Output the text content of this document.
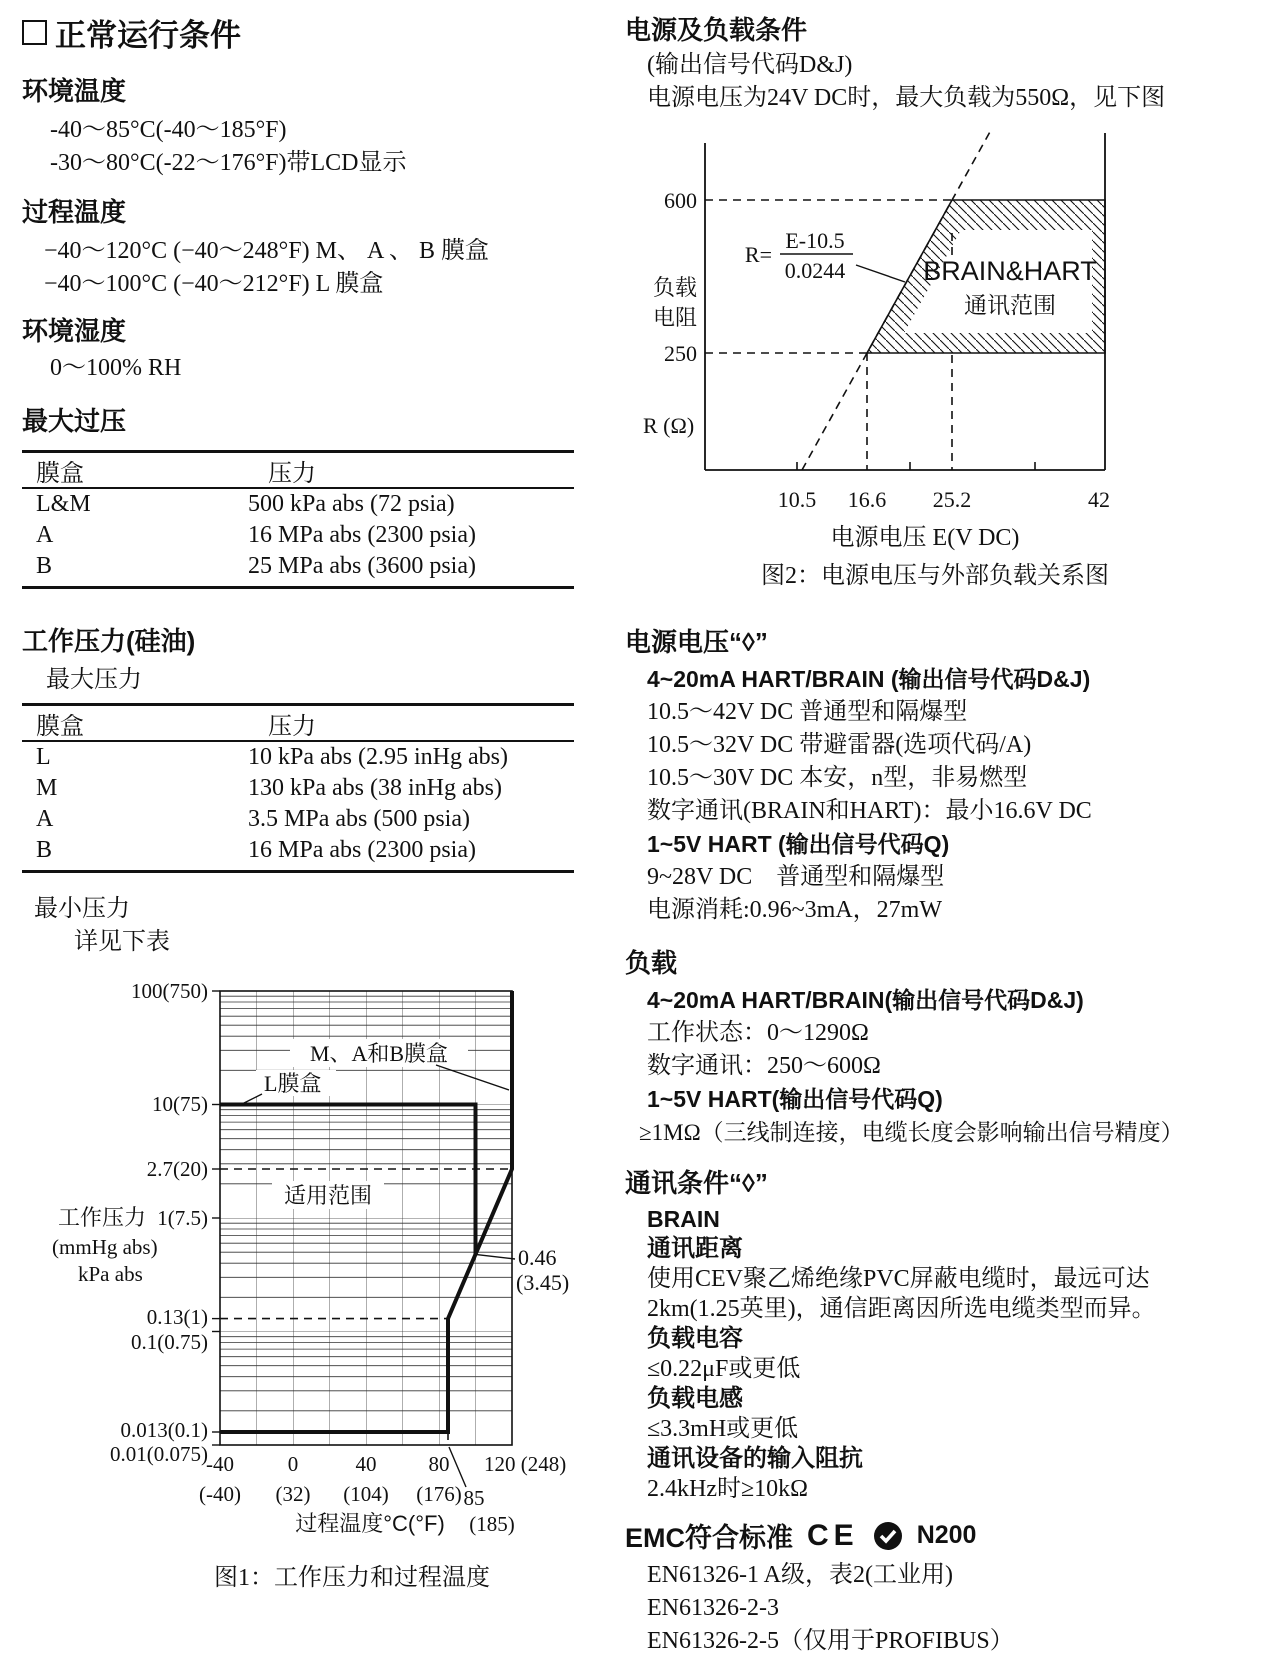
正常运行条件
环境温度
-40～85°C(-40～185°F)
-30～80°C(-22～176°F)带LCD显示
过程温度
−40～120°C (−40～248°F) M、 A 、 B 膜盒
−40～100°C (−40～212°F) L 膜盒
环境湿度
0～100% RH
最大过压
膜盒	压力
L&M	500 kPa abs (72 psia)
A	16 MPa abs (2300 psia)
B	25 MPa abs (3600 psia)
工作压力(硅油)
最大压力
膜盒	压力
L	10 kPa abs (2.95 inHg abs)
M	130 kPa abs (38 inHg abs)
A	3.5 MPa abs (500 psia)
B	16 MPa abs (2300 psia)
最小压力
详见下表
M、A和B膜盒
L膜盒
适用范围
0.46
(3.45)
100(750)
10(75)
2.7(20)
1(7.5)
0.13(1)
0.1(0.75)
0.013(0.1)
0.01(0.075)
工作压力
(mmHg abs)
kPa abs
-40	0	40 80
(-40) (32) (104) (176)
120 (248)
85
(185)
过程温度°C(°F)
图1：工作压力和过程温度
电源及负载条件
(输出信号代码D&J)
电源电压为24V DC时，最大负载为550Ω，见下图
BRAIN&HART
通讯范围
R=
E-10.5
0.0244
600
250
负载
电阻
R (Ω)
10.5 16.6 25.2	42
电源电压 E(V DC)
图2：电源电压与外部负载关系图
电源电压“◊”
4~20mA HART/BRAIN (输出信号代码D&J)
10.5～42V DC 普通型和隔爆型
10.5～32V DC 带避雷器(选项代码/A)
10.5～30V DC 本安，n型，非易燃型
数字通讯(BRAIN和HART)：最小16.6V DC
1~5V HART (输出信号代码Q)
9~28V DC　普通型和隔爆型
电源消耗:0.96~3mA，27mW
负载
4~20mA HART/BRAIN(输出信号代码D&J)
工作状态：0～1290Ω
数字通讯：250～600Ω
1~5V HART(输出信号代码Q)
≥1MΩ（三线制连接，电缆长度会影响输出信号精度）
通讯条件“◊”
BRAIN
通讯距离
使用CEV聚乙烯绝缘PVC屏蔽电缆时，最远可达
2km(1.25英里)，通信距离因所选电缆类型而异。
负载电容
≤0.22μF或更低
负载电感
≤3.3mH或更低
通讯设备的输入阻抗
2.4kHz时≥10kΩ
EMC符合标准 CE N200
EN61326-1 A级，表2(工业用)
EN61326-2-3
EN61326-2-5（仅用于PROFIBUS）
